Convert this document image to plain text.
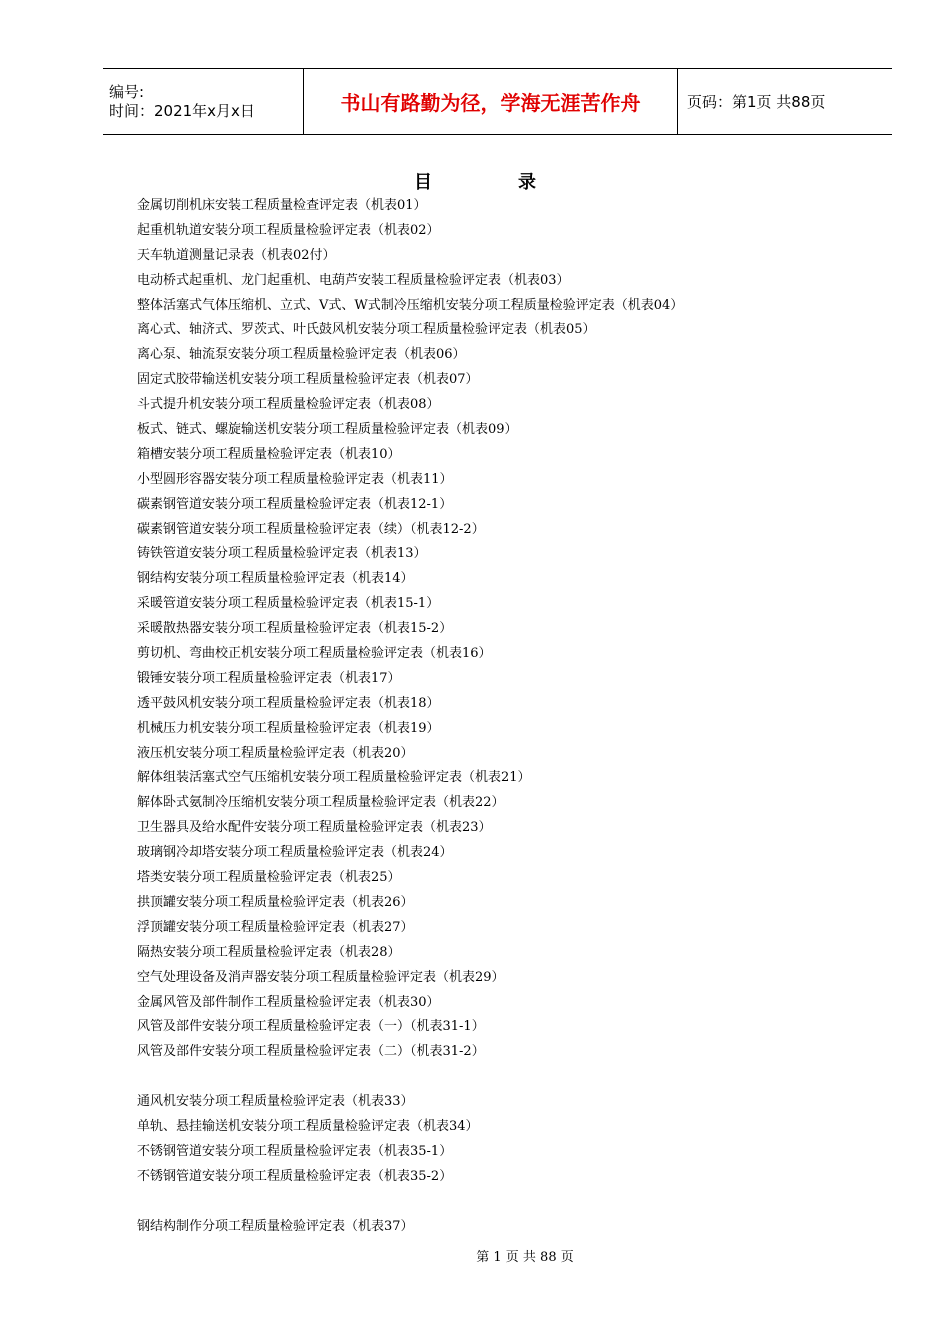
编号:
时间：2021年x月x日	书山有路勤为径，学海无涯苦作舟	页码：第1页 共88页
目	录
金属切削机床安装工程质量检查评定表（机表01）
起重机轨道安装分项工程质量检验评定表（机表02）
天车轨道测量记录表（机表02付）
电动桥式起重机、龙门起重机、电葫芦安装工程质量检验评定表（机表03）
整体活塞式气体压缩机、立式、V式、W式制冷压缩机安装分项工程质量检验评定表（机表04）
离心式、轴济式、罗茨式、叶氏鼓风机安装分项工程质量检验评定表（机表05）
离心泵、轴流泵安装分项工程质量检验评定表（机表06）
固定式胶带输送机安装分项工程质量检验评定表（机表07）
斗式提升机安装分项工程质量检验评定表（机表08）
板式、链式、螺旋输送机安装分项工程质量检验评定表（机表09）
箱槽安装分项工程质量检验评定表（机表10）
小型圆形容器安装分项工程质量检验评定表（机表11）
碳素钢管道安装分项工程质量检验评定表（机表12-1）
碳素钢管道安装分项工程质量检验评定表（续）（机表12-2）
铸铁管道安装分项工程质量检验评定表（机表13）
钢结构安装分项工程质量检验评定表（机表14）
采暖管道安装分项工程质量检验评定表（机表15-1）
采暖散热器安装分项工程质量检验评定表（机表15-2）
剪切机、弯曲校正机安装分项工程质量检验评定表（机表16）
锻锤安装分项工程质量检验评定表（机表17）
透平鼓风机安装分项工程质量检验评定表（机表18）
机械压力机安装分项工程质量检验评定表（机表19）
液压机安装分项工程质量检验评定表（机表20）
解体组装活塞式空气压缩机安装分项工程质量检验评定表（机表21）
解体卧式氨制冷压缩机安装分项工程质量检验评定表（机表22）
卫生器具及给水配件安装分项工程质量检验评定表（机表23）
玻璃钢冷却塔安装分项工程质量检验评定表（机表24）
塔类安装分项工程质量检验评定表（机表25）
拱顶罐安装分项工程质量检验评定表（机表26）
浮顶罐安装分项工程质量检验评定表（机表27）
隔热安装分项工程质量检验评定表（机表28）
空气处理设备及消声器安装分项工程质量检验评定表（机表29）
金属风管及部件制作工程质量检验评定表（机表30）
风管及部件安装分项工程质量检验评定表（一）（机表31-1）
风管及部件安装分项工程质量检验评定表（二）（机表31-2）
通风机安装分项工程质量检验评定表（机表33）
单轨、悬挂输送机安装分项工程质量检验评定表（机表34）
不锈钢管道安装分项工程质量检验评定表（机表35-1）
不锈钢管道安装分项工程质量检验评定表（机表35-2）
钢结构制作分项工程质量检验评定表（机表37）
第 1 页 共 88 页
